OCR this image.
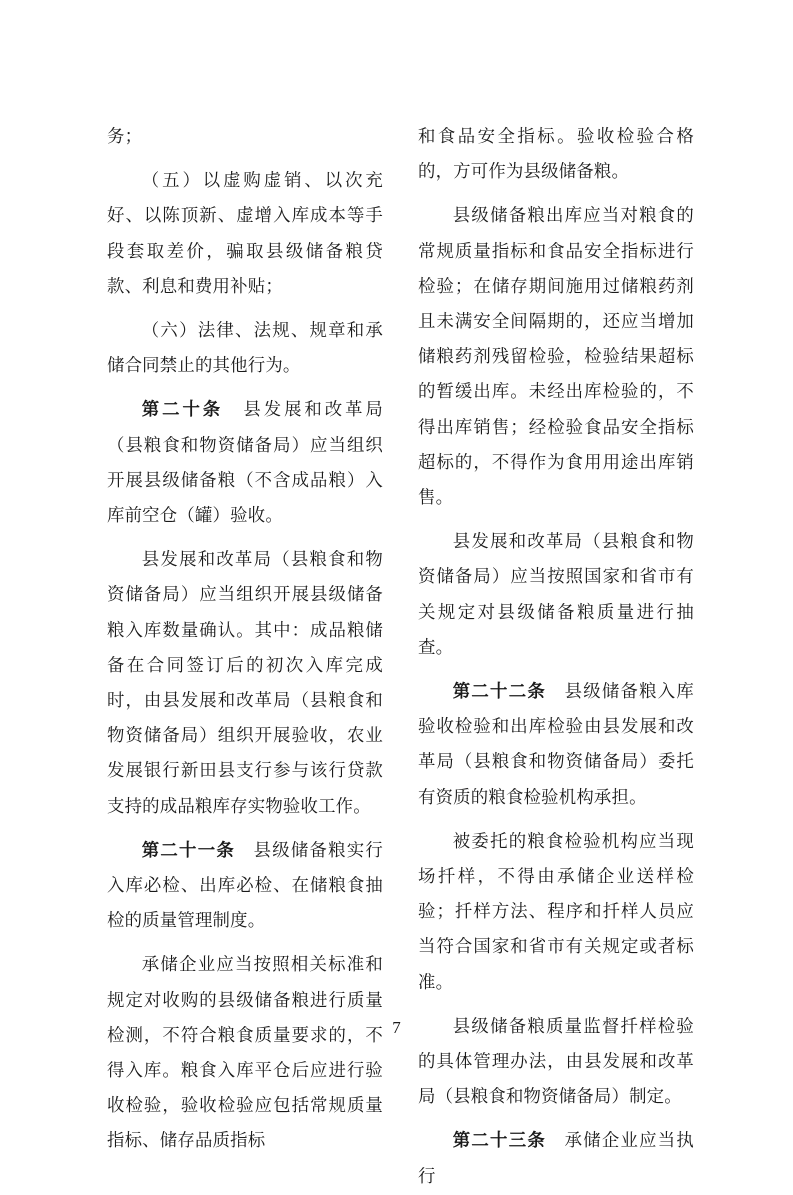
务；

（五）以虚购虚销、以次充好、以陈顶新、虚增入库成本等手段套取差价，骗取县级储备粮贷款、利息和费用补贴；

（六）法律、法规、规章和承储合同禁止的其他行为。

第二十条　县发展和改革局（县粮食和物资储备局）应当组织开展县级储备粮（不含成品粮）入库前空仓（罐）验收。

县发展和改革局（县粮食和物资储备局）应当组织开展县级储备粮入库数量确认。其中：成品粮储备在合同签订后的初次入库完成时，由县发展和改革局（县粮食和物资储备局）组织开展验收，农业发展银行新田县支行参与该行贷款支持的成品粮库存实物验收工作。

第二十一条　县级储备粮实行入库必检、出库必检、在储粮食抽检的质量管理制度。

承储企业应当按照相关标准和规定对收购的县级储备粮进行质量检测，不符合粮食质量要求的，不得入库。粮食入库平仓后应进行验收检验，验收检验应包括常规质量指标、储存品质指标

和食品安全指标。验收检验合格的，方可作为县级储备粮。

县级储备粮出库应当对粮食的常规质量指标和食品安全指标进行检验；在储存期间施用过储粮药剂且未满安全间隔期的，还应当增加储粮药剂残留检验，检验结果超标的暂缓出库。未经出库检验的，不得出库销售；经检验食品安全指标超标的，不得作为食用用途出库销售。

县发展和改革局（县粮食和物资储备局）应当按照国家和省市有关规定对县级储备粮质量进行抽查。

第二十二条　县级储备粮入库验收检验和出库检验由县发展和改革局（县粮食和物资储备局）委托有资质的粮食检验机构承担。

被委托的粮食检验机构应当现场扦样，不得由承储企业送样检验；扦样方法、程序和扦样人员应当符合国家和省市有关规定或者标准。

县级储备粮质量监督扦样检验的具体管理办法，由县发展和改革局（县粮食和物资储备局）制定。

第二十三条　承储企业应当执行

7
